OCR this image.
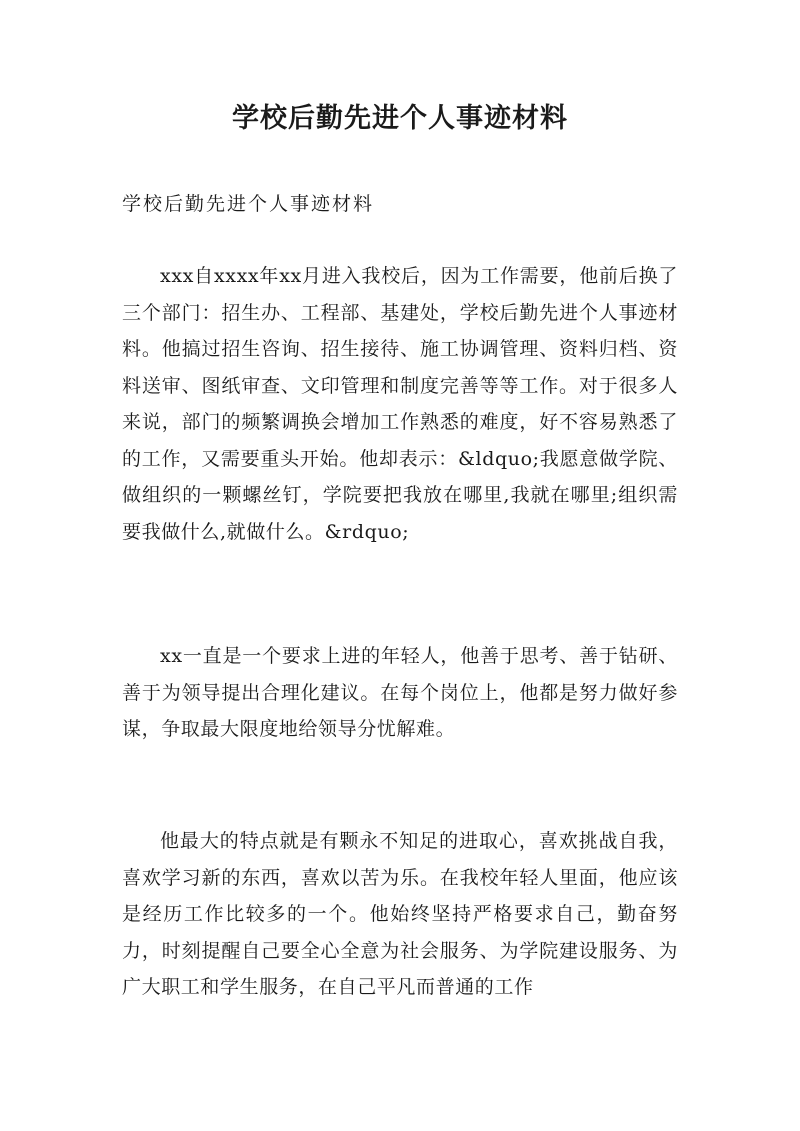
学校后勤先进个人事迹材料

学校后勤先进个人事迹材料

xxx自xxxx年xx月进入我校后，因为工作需要，他前后换了三个部门：招生办、工程部、基建处，学校后勤先进个人事迹材料。他搞过招生咨询、招生接待、施工协调管理、资料归档、资料送审、图纸审查、文印管理和制度完善等等工作。对于很多人来说，部门的频繁调换会增加工作熟悉的难度，好不容易熟悉了的工作，又需要重头开始。他却表示：&ldquo;我愿意做学院、做组织的一颗螺丝钉，学院要把我放在哪里,我就在哪里;组织需要我做什么,就做什么。&rdquo;

xx一直是一个要求上进的年轻人，他善于思考、善于钻研、善于为领导提出合理化建议。在每个岗位上，他都是努力做好参谋，争取最大限度地给领导分忧解难。

他最大的特点就是有颗永不知足的进取心，喜欢挑战自我，喜欢学习新的东西，喜欢以苦为乐。在我校年轻人里面，他应该是经历工作比较多的一个。他始终坚持严格要求自己，勤奋努力，时刻提醒自己要全心全意为社会服务、为学院建设服务、为广大职工和学生服务，在自己平凡而普通的工作
